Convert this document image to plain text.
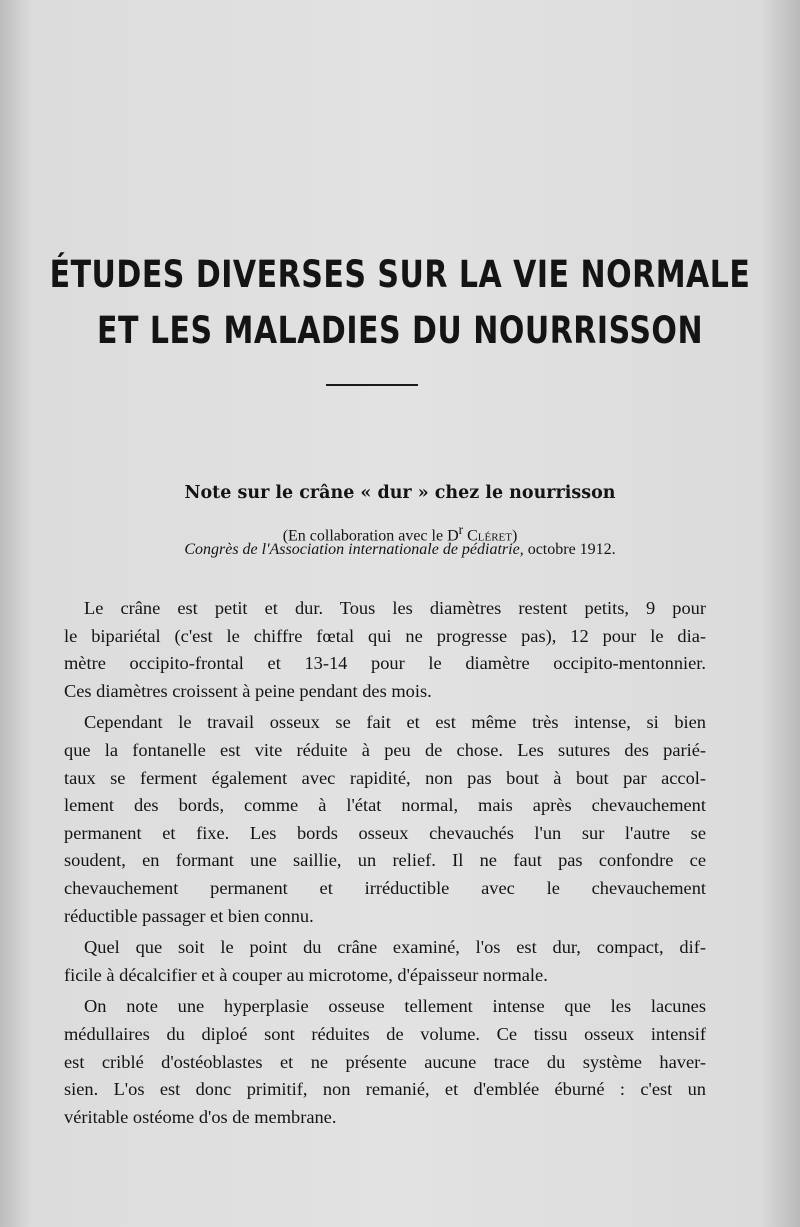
ÉTUDES DIVERSES SUR LA VIE NORMALE
ET LES MALADIES DU NOURRISSON
Note sur le crâne « dur » chez le nourrisson
(En collaboration avec le $D^r$ Cléret)
Congrès de l'Association internationale de pédiatrie, octobre 1912.
Le crâne est petit et dur. Tous les diamètres restent petits, 9 pour
le bipariétal (c'est le chiffre fœtal qui ne progresse pas), 12 pour le dia-
mètre occipito-frontal et 13-14 pour le diamètre occipito-mentonnier.
Ces diamètres croissent à peine pendant des mois.
Cependant le travail osseux se fait et est même très intense, si bien
que la fontanelle est vite réduite à peu de chose. Les sutures des parié-
taux se ferment également avec rapidité, non pas bout à bout par accol-
lement des bords, comme à l'état normal, mais après chevauchement
permanent et fixe. Les bords osseux chevauchés l'un sur l'autre se
soudent, en formant une saillie, un relief. Il ne faut pas confondre ce
chevauchement permanent et irréductible avec le chevauchement
réductible passager et bien connu.
Quel que soit le point du crâne examiné, l'os est dur, compact, dif-
ficile à décalcifier et à couper au microtome, d'épaisseur normale.
On note une hyperplasie osseuse tellement intense que les lacunes
médullaires du diploé sont réduites de volume. Ce tissu osseux intensif
est criblé d'ostéoblastes et ne présente aucune trace du système haver-
sien. L'os est donc primitif, non remanié, et d'emblée éburné : c'est un
véritable ostéome d'os de membrane.
